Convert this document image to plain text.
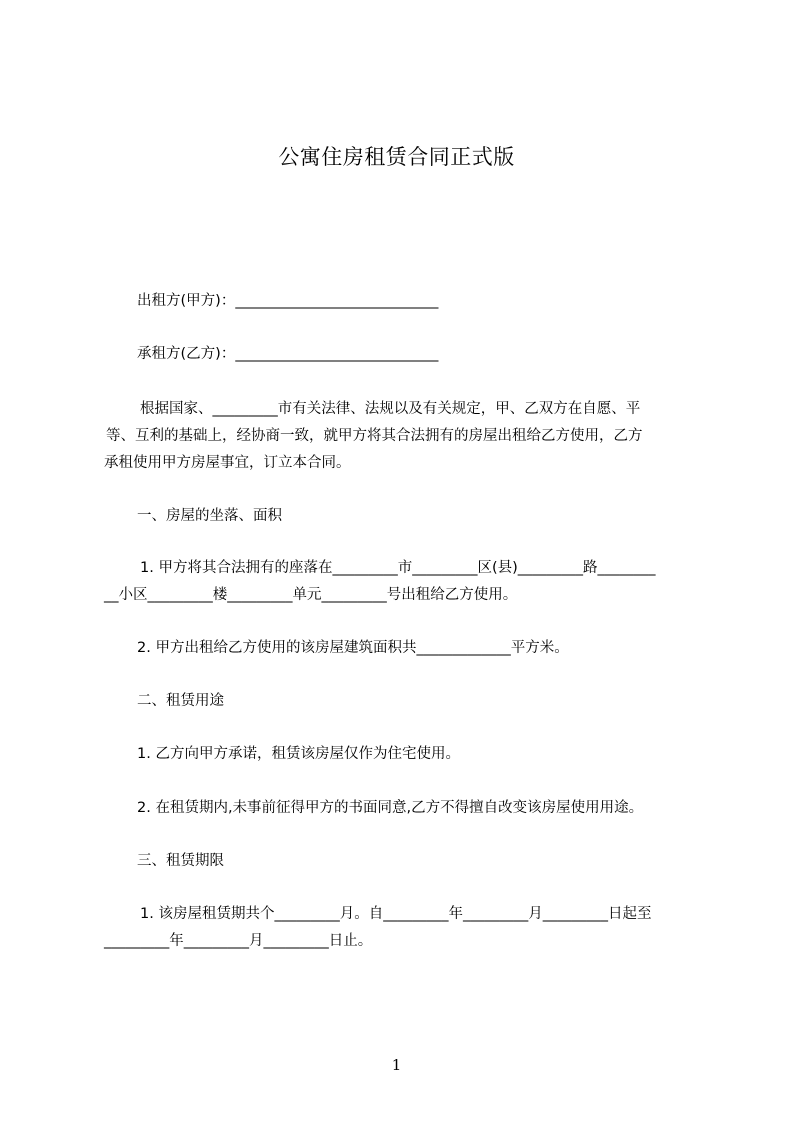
公寓住房租赁合同正式版
出租方(甲方)：____________________________
承租方(乙方)：____________________________
根据国家、_________市有关法律、法规以及有关规定，甲、乙双方在自愿、平
等、互利的基础上，经协商一致，就甲方将其合法拥有的房屋出租给乙方使用，乙方
承租使用甲方房屋事宜，订立本合同。
一、房屋的坐落、面积
1. 甲方将其合法拥有的座落在_________市_________区(县)_________路________
__小区_________楼_________单元_________号出租给乙方使用。
2. 甲方出租给乙方使用的该房屋建筑面积共_____________平方米。
二、租赁用途
1. 乙方向甲方承诺，租赁该房屋仅作为住宅使用。
2. 在租赁期内,未事前征得甲方的书面同意,乙方不得擅自改变该房屋使用用途。
三、租赁期限
1. 该房屋租赁期共个_________月。自_________年_________月_________日起至
_________年_________月_________日止。
1
